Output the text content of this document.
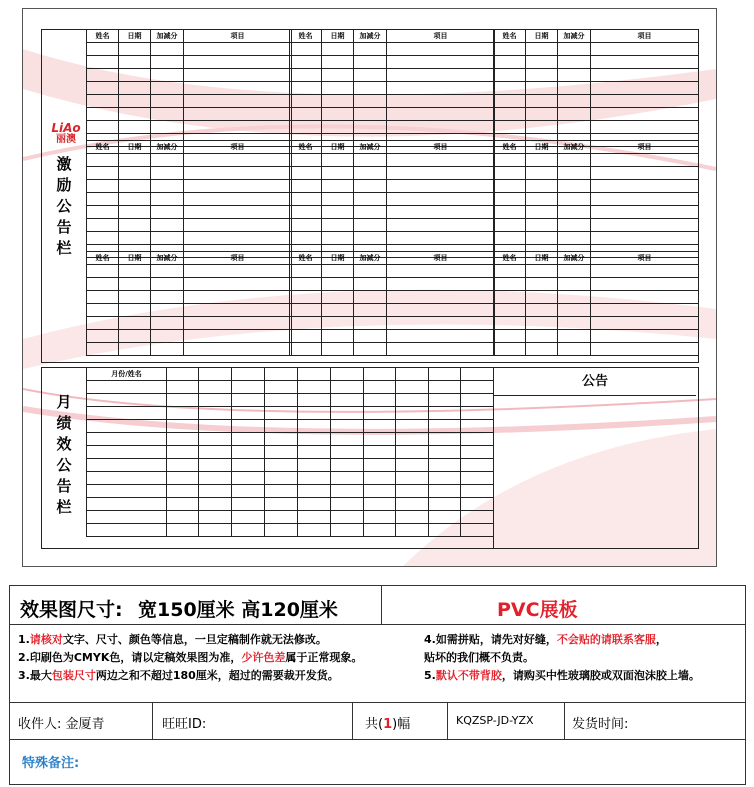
LiAo
丽澳
激励公告栏
姓名	日期	加减分	项目

姓名	日期	加减分	项目

姓名	日期	加减分	项目

姓名	日期	加减分	项目

姓名	日期	加减分	项目

姓名	日期	加减分	项目

姓名	日期	加减分	项目

姓名	日期	加减分	项目

姓名	日期	加减分	项目

月绩效公告栏
月份/姓名										

											公告
效果图尺寸: 宽150厘米 高120厘米	PVC展板
1.请核对文字、尺寸、颜色等信息，一旦定稿制作就无法修改。
2.印刷色为CMYK色，请以定稿效果图为准，少许色差属于正常现象。
3.最大包装尺寸两边之和不超过180厘米，超过的需要裁开发货。
4.如需拼贴，请先对好缝，不会贴的请联系客服，
贴坏的我们概不负责。
5.默认不带背胶，请购买中性玻璃胶或双面泡沫胶上墙。
收件人: 金厦青	旺旺ID:	共(1)幅	KQZSP-JD-YZX	发货时间:
特殊备注:
